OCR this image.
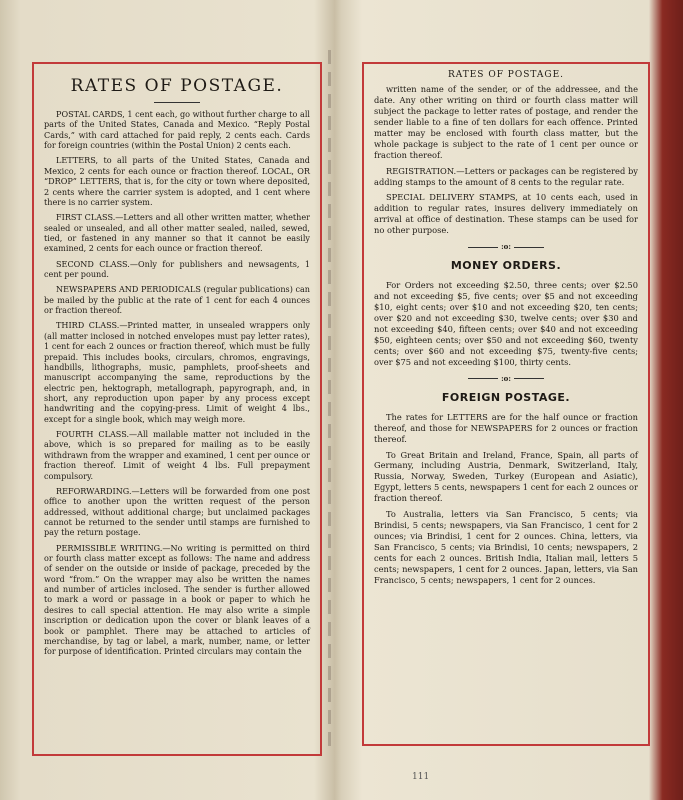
RATES OF POSTAGE.

POSTAL CARDS, 1 cent each, go without further charge to all parts of the United States, Canada and Mexico. “Reply Postal Cards,” with card attached for paid reply, 2 cents each. Cards for foreign countries (within the Postal Union) 2 cents each.

LETTERS, to all parts of the United States, Canada and Mexico, 2 cents for each ounce or fraction thereof. LOCAL, OR “DROP” LETTERS, that is, for the city or town where deposited, 2 cents where the carrier system is adopted, and 1 cent where there is no carrier system.

FIRST CLASS.—Letters and all other written matter, whether sealed or unsealed, and all other matter sealed, nailed, sewed, tied, or fastened in any manner so that it cannot be easily examined, 2 cents for each ounce or fraction thereof.

SECOND CLASS.—Only for publishers and newsagents, 1 cent per pound.

NEWSPAPERS AND PERIODICALS (regular publications) can be mailed by the public at the rate of 1 cent for each 4 ounces or fraction thereof.

THIRD CLASS.—Printed matter, in unsealed wrappers only (all matter inclosed in notched envelopes must pay letter rates), 1 cent for each 2 ounces or fraction thereof, which must be fully prepaid. This includes books, circulars, chromos, engravings, handbills, lithographs, music, pamphlets, proof-sheets and manuscript accompanying the same, reproductions by the electric pen, hektograph, metallograph, papyrograph, and, in short, any reproduction upon paper by any process except handwriting and the copying-press. Limit of weight 4 lbs., except for a single book, which may weigh more.

FOURTH CLASS.—All mailable matter not included in the above, which is so prepared for mailing as to be easily withdrawn from the wrapper and examined, 1 cent per ounce or fraction thereof. Limit of weight 4 lbs. Full prepayment compulsory.

REFORWARDING.—Letters will be forwarded from one post office to another upon the written request of the person addressed, without additional charge; but unclaimed packages cannot be returned to the sender until stamps are furnished to pay the return postage.

PERMISSIBLE WRITING.—No writing is permitted on third or fourth class matter except as follows: The name and address of sender on the outside or inside of package, preceded by the word “from.” On the wrapper may also be written the names and number of articles inclosed. The sender is further allowed to mark a word or passage in a book or paper to which he desires to call special attention. He may also write a simple inscription or dedication upon the cover or blank leaves of a book or pamphlet. There may be attached to articles of merchandise, by tag or label, a mark, number, name, or letter for purpose of identification. Printed circulars may contain the

RATES OF POSTAGE.

written name of the sender, or of the addressee, and the date. Any other writing on third or fourth class matter will subject the package to letter rates of postage, and render the sender liable to a fine of ten dollars for each offence. Printed matter may be enclosed with fourth class matter, but the whole package is subject to the rate of 1 cent per ounce or fraction thereof.

REGISTRATION.—Letters or packages can be registered by adding stamps to the amount of 8 cents to the regular rate.

SPECIAL DELIVERY STAMPS, at 10 cents each, used in addition to regular rates, insures delivery immediately on arrival at office of destination. These stamps can be used for no other purpose.

:o:
MONEY ORDERS.

For Orders not exceeding $2.50, three cents; over $2.50 and not exceeding $5, five cents; over $5 and not exceeding $10, eight cents; over $10 and not exceeding $20, ten cents; over $20 and not exceeding $30, twelve cents; over $30 and not exceeding $40, fifteen cents; over $40 and not exceeding $50, eighteen cents; over $50 and not exceeding $60, twenty cents; over $60 and not exceeding $75, twenty-five cents; over $75 and not exceeding $100, thirty cents.

:o:
FOREIGN POSTAGE.

The rates for LETTERS are for the half ounce or fraction thereof, and those for NEWSPAPERS for 2 ounces or fraction thereof.

To Great Britain and Ireland, France, Spain, all parts of Germany, including Austria, Denmark, Switzerland, Italy, Russia, Norway, Sweden, Turkey (European and Asiatic), Egypt, letters 5 cents, newspapers 1 cent for each 2 ounces or fraction thereof.

To Australia, letters via San Francisco, 5 cents; via Brindisi, 5 cents; newspapers, via San Francisco, 1 cent for 2 ounces; via Brindisi, 1 cent for 2 ounces. China, letters, via San Francisco, 5 cents; via Brindisi, 10 cents; newspapers, 2 cents for each 2 ounces. British India, Italian mail, letters 5 cents; newspapers, 1 cent for 2 ounces. Japan, letters, via San Francisco, 5 cents; newspapers, 1 cent for 2 ounces.

111
